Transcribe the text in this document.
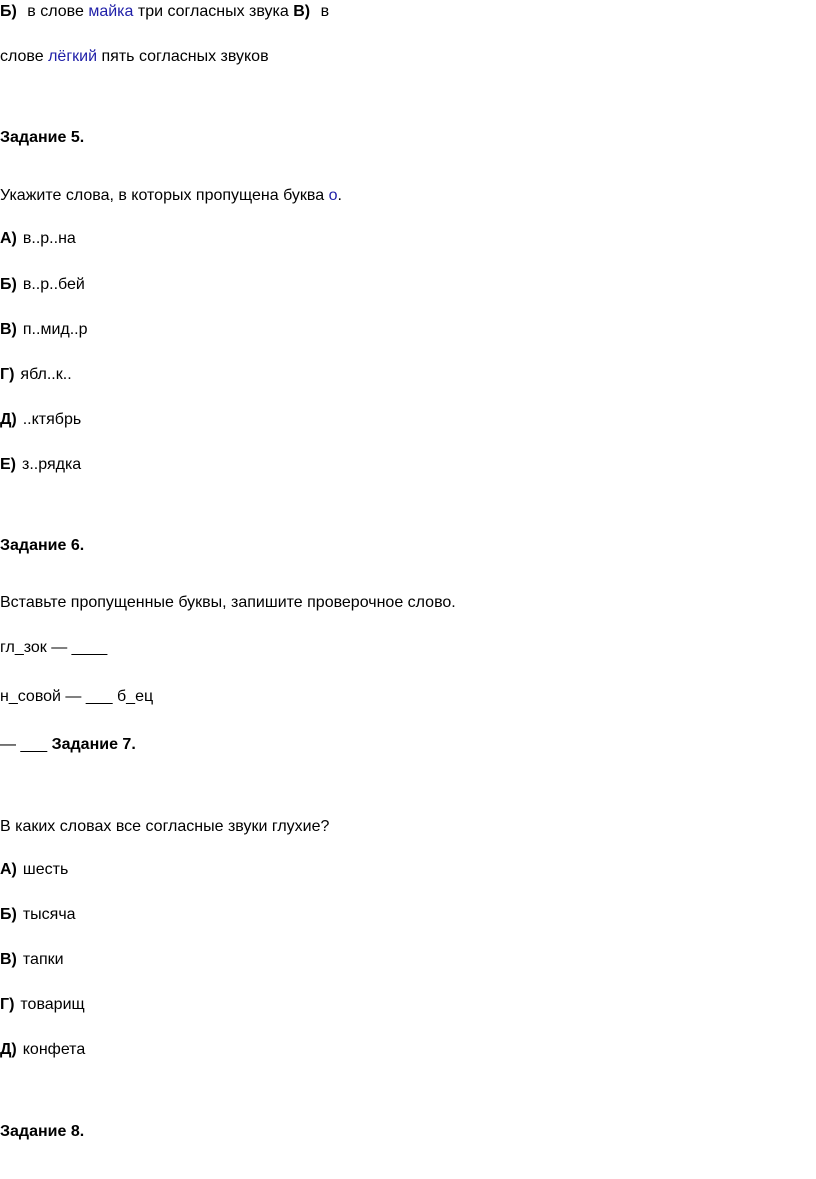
Б) в слове майка три согласных звука В) в
слове лёгкий пять согласных звуков
Задание 5.
Укажите слова, в которых пропущена буква о.
А) в..р..на
Б) в..р..бей
В) п..мид..р
Г) ябл..к..
Д) ..ктябрь
Е) з..рядка
Задание 6.
Вставьте пропущенные буквы, запишите проверочное слово.
гл_зок — ____
н_совой — ___ б_ец
— ___ Задание 7.
В каких словах все согласные звуки глухие?
А) шесть
Б) тысяча
В) тапки
Г) товарищ
Д) конфета
Задание 8.
